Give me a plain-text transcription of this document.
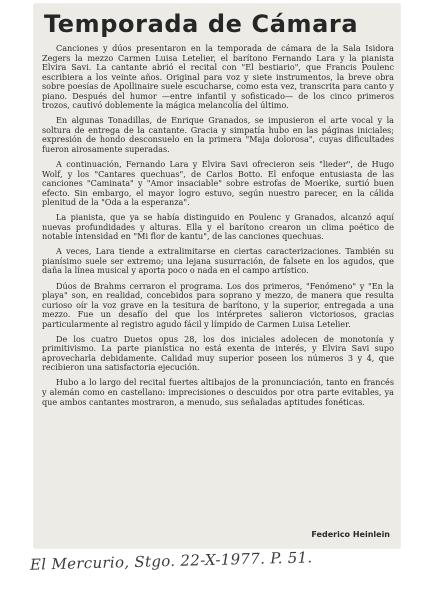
Temporada de Cámara

Canciones y dúos presentaron en la temporada de cámara de la Sala Isidora Zegers la mezzo Carmen Luisa Letelier, el barítono Fernando Lara y la pianista Elvira Savi. La cantante abrió el recital con "El bestiario", que Francis Poulenc escribiera a los veinte años. Original para voz y siete instrumentos, la breve obra sobre poesías de Apollinaire suele escucharse, como esta vez, transcrita para canto y piano. Después del humor —entre infantil y sofisticado— de los cinco primeros trozos, cautivó doblemente la mágica melancolía del último.

En algunas Tonadillas, de Enrique Granados, se impusieron el arte vocal y la soltura de entrega de la cantante. Gracia y simpatía hubo en las páginas iniciales; expresión de hondo desconsuelo en la primera "Maja dolorosa", cuyas dificultades fueron airosamente superadas.

A continuación, Fernando Lara y Elvira Savi ofrecieron seis "lieder", de Hugo Wolf, y los "Cantares quechuas", de Carlos Botto. El enfoque entusiasta de las canciones "Caminata" y "Amor insaciable" sobre estrofas de Moerike, surtió buen efecto. Sin embargo, el mayor logro estuvo, según nuestro parecer, en la cálida plenitud de la "Oda a la esperanza".

La pianista, que ya se había distinguido en Poulenc y Granados, alcanzó aquí nuevas profundidades y alturas. Ella y el barítono crearon un clima poético de notable intensidad en "Mi flor de kantu", de las canciones quechuas.

A veces, Lara tiende a extralimitarse en ciertas caracterizaciones. También su pianísimo suele ser extremo; una lejana susurración, de falsete en los agudos, que daña la línea musical y aporta poco o nada en el campo artístico.

Dúos de Brahms cerraron el programa. Los dos primeros, "Fenómeno" y "En la playa" son, en realidad, concebidos para soprano y mezzo, de manera que resulta curioso oír la voz grave en la tesitura de barítono, y la superior, entregada a una mezzo. Fue un desafío del que los intérpretes salieron victoriosos, gracias particularmente al registro agudo fácil y límpido de Carmen Luisa Letelier.

De los cuatro Duetos opus 28, los dos iniciales adolecen de monotonía y primitivismo. La parte pianística no está exenta de interés, y Elvira Savi supo aprovecharla debidamente. Calidad muy superior poseen los números 3 y 4, que recibieron una satisfactoria ejecución.

Hubo a lo largo del recital fuertes altibajos de la pronunciación, tanto en francés y alemán como en castellano: imprecisiones o descuidos por otra parte evitables, ya que ambos cantantes mostraron, a menudo, sus señaladas aptitudes fonéticas.

Federico Heinlein
El Mercurio, Stgo. 22-X-1977. P. 51.
